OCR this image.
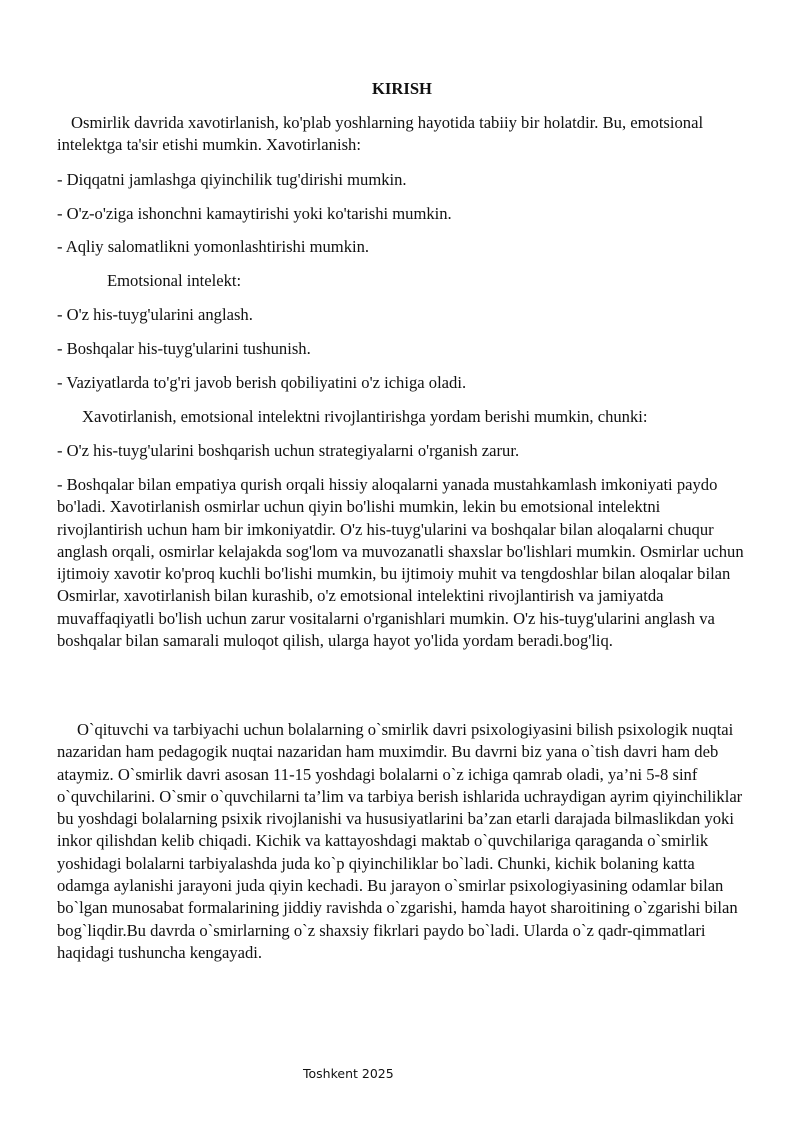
KIRISH

Osmirlik davrida xavotirlanish, ko'plab yoshlarning hayotida tabiiy bir holatdir. Bu, emotsional intelektga ta'sir etishi mumkin. Xavotirlanish:

- Diqqatni jamlashga qiyinchilik tug'dirishi mumkin.

- O'z-o'ziga ishonchni kamaytirishi yoki ko'tarishi mumkin.

- Aqliy salomatlikni yomonlashtirishi mumkin.

Emotsional intelekt:

- O'z his-tuyg'ularini anglash.

- Boshqalar his-tuyg'ularini tushunish.

- Vaziyatlarda to'g'ri javob berish qobiliyatini o'z ichiga oladi.

Xavotirlanish, emotsional intelektni rivojlantirishga yordam berishi mumkin, chunki:

- O'z his-tuyg'ularini boshqarish uchun strategiyalarni o'rganish zarur.

- Boshqalar bilan empatiya qurish orqali hissiy aloqalarni yanada mustahkamlash imkoniyati paydo bo'ladi. Xavotirlanish osmirlar uchun qiyin bo'lishi mumkin, lekin bu emotsional intelektni rivojlantirish uchun ham bir imkoniyatdir. O'z his-tuyg'ularini va boshqalar bilan aloqalarni chuqur anglash orqali, osmirlar kelajakda sog'lom va muvozanatli shaxslar bo'lishlari mumkin. Osmirlar uchun ijtimoiy xavotir ko'proq kuchli bo'lishi mumkin, bu ijtimoiy muhit va tengdoshlar bilan aloqalar bilan Osmirlar, xavotirlanish bilan kurashib, o'z emotsional intelektini rivojlantirish va jamiyatda muvaffaqiyatli bo'lish uchun zarur vositalarni o'rganishlari mumkin. O'z his-tuyg'ularini anglash va boshqalar bilan samarali muloqot qilish, ularga hayot yo'lida yordam beradi.bog'liq.

O`qituvchi va tarbiyachi uchun bolalarning o`smirlik davri psixologiyasini bilish psixologik nuqtai nazaridan ham pedagogik nuqtai nazaridan ham muximdir. Bu davrni biz yana o`tish davri ham deb ataymiz. O`smirlik davri asosan 11-15 yoshdagi bolalarni o`z ichiga qamrab oladi, ya’ni 5-8 sinf o`quvchilarini. O`smir o`quvchilarni ta’lim va tarbiya berish ishlarida uchraydigan ayrim qiyinchiliklar bu yoshdagi bolalarning psixik rivojlanishi va hususiyatlarini ba’zan etarli darajada bilmaslikdan yoki inkor qilishdan kelib chiqadi. Kichik va kattayoshdagi maktab o`quvchilariga qaraganda o`smirlik yoshidagi bolalarni tarbiyalashda juda ko`p qiyinchiliklar bo`ladi. Chunki, kichik bolaning katta odamga aylanishi jarayoni juda qiyin kechadi. Bu jarayon o`smirlar psixologiyasining odamlar bilan bo`lgan munosabat formalarining jiddiy ravishda o`zgarishi, hamda hayot sharoitining o`zgarishi bilan bog`liqdir.Bu davrda o`smirlarning o`z shaxsiy fikrlari paydo bo`ladi. Ularda o`z qadr-qimmatlari haqidagi tushuncha kengayadi.

Toshkent 2025
